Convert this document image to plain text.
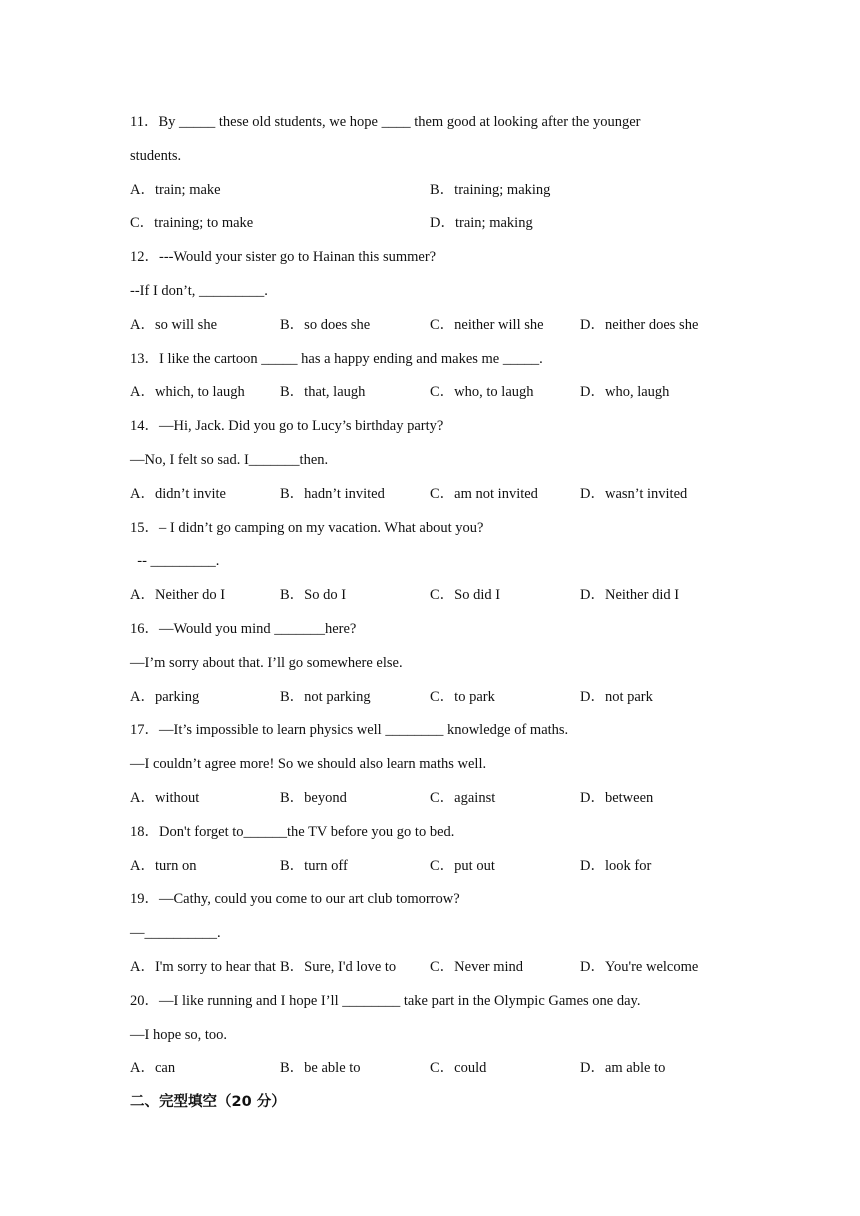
11．By _____ these old students, we hope ____ them good at looking after the younger
students.
A．train; make	B．training; making
C．training; to make	D．train; making
12．---Would your sister go to Hainan this summer?
--If I don’t, _________.
A．so will she	B．so does she	C．neither will she	D．neither does she
13．I like the cartoon _____ has a happy ending and makes me _____.
A．which, to laugh	B．that, laugh	C．who, to laugh	D．who, laugh
14．—Hi, Jack. Did you go to Lucy’s birthday party?
—No, I felt so sad. I_______then.
A．didn’t invite	B．hadn’t invited	C．am not invited	D．wasn’t invited
15．– I didn’t go camping on my vacation. What about you?
-- _________.
A．Neither do I	B．So do I	C．So did I	D．Neither did I
16．—Would you mind _______here?
—I’m sorry about that. I’ll go somewhere else.
A．parking	B．not parking	C．to park	D．not park
17．—It’s impossible to learn physics well ________ knowledge of maths.
—I couldn’t agree more! So we should also learn maths well.
A．without	B．beyond	C．against	D．between
18．Don't forget to______the TV before you go to bed.
A．turn on	B．turn off	C．put out	D．look for
19．—Cathy, could you come to our art club tomorrow?
—__________.
A．I'm sorry to hear that B．Sure, I'd love to	C．Never mind	D．You're welcome
20．—I like running and I hope I’ll ________ take part in the Olympic Games one day.
—I hope so, too.
A．can	B．be able to	C．could	D．am able to
二、完型填空（20 分）
